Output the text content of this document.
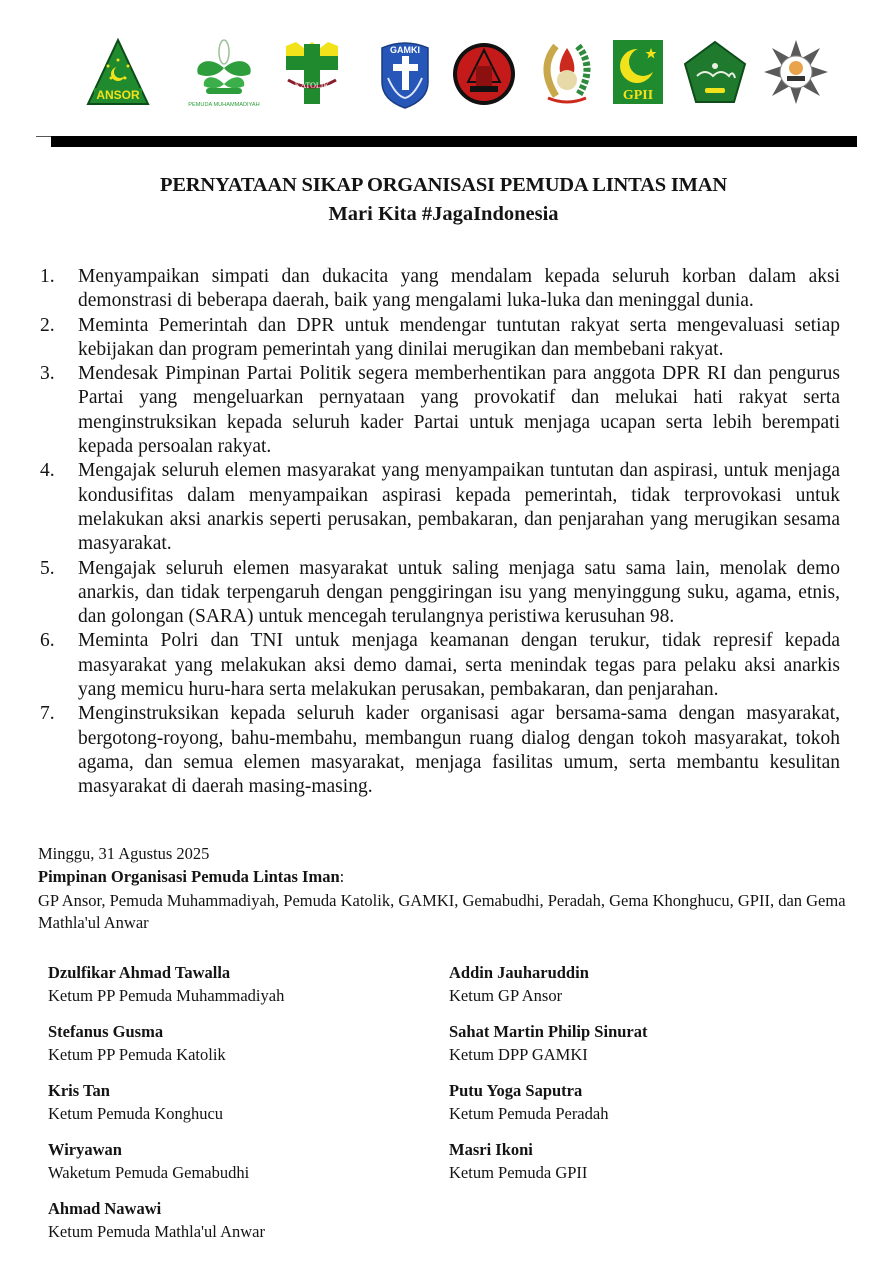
ANSOR
PEMUDA MUHAMMADIYAH
KATOLIK
GAMKI
GPII
PERNYATAAN SIKAP ORGANISASI PEMUDA LINTAS IMAN
Mari Kita #JagaIndonesia
1. Menyampaikan simpati dan dukacita yang mendalam kepada seluruh korban dalam aksi demonstrasi di beberapa daerah, baik yang mengalami luka-luka dan meninggal dunia.
2. Meminta Pemerintah dan DPR untuk mendengar tuntutan rakyat serta mengevaluasi setiap kebijakan dan program pemerintah yang dinilai merugikan dan membebani rakyat.
3. Mendesak Pimpinan Partai Politik segera memberhentikan para anggota DPR RI dan pengurus Partai yang mengeluarkan pernyataan yang provokatif dan melukai hati rakyat serta menginstruksikan kepada seluruh kader Partai untuk menjaga ucapan serta lebih berempati kepada persoalan rakyat.
4. Mengajak seluruh elemen masyarakat yang menyampaikan tuntutan dan aspirasi, untuk menjaga kondusifitas dalam menyampaikan aspirasi kepada pemerintah, tidak terprovokasi untuk melakukan aksi anarkis seperti perusakan, pembakaran, dan penjarahan yang merugikan sesama masyarakat.
5. Mengajak seluruh elemen masyarakat untuk saling menjaga satu sama lain, menolak demo anarkis, dan tidak terpengaruh dengan penggiringan isu yang menyinggung suku, agama, etnis, dan golongan (SARA) untuk mencegah terulangnya peristiwa kerusuhan 98.
6. Meminta Polri dan TNI untuk menjaga keamanan dengan terukur, tidak represif kepada masyarakat yang melakukan aksi demo damai, serta menindak tegas para pelaku aksi anarkis yang memicu huru-hara serta melakukan perusakan, pembakaran, dan penjarahan.
7. Menginstruksikan kepada seluruh kader organisasi agar bersama-sama dengan masyarakat, bergotong-royong, bahu-membahu, membangun ruang dialog dengan tokoh masyarakat, tokoh agama, dan semua elemen masyarakat, menjaga fasilitas umum, serta membantu kesulitan masyarakat di daerah masing-masing.
Minggu, 31 Agustus 2025
Pimpinan Organisasi Pemuda Lintas Iman:
GP Ansor, Pemuda Muhammadiyah, Pemuda Katolik, GAMKI, Gemabudhi, Peradah, Gema Khonghucu, GPII, dan Gema Mathla'ul Anwar
Dzulfikar Ahmad Tawalla
Ketum PP Pemuda Muhammadiyah
Stefanus Gusma
Ketum PP Pemuda Katolik
Kris Tan
Ketum Pemuda Konghucu
Wiryawan
Waketum Pemuda Gemabudhi
Ahmad Nawawi
Ketum Pemuda Mathla'ul Anwar
Addin Jauharuddin
Ketum GP Ansor
Sahat Martin Philip Sinurat
Ketum DPP GAMKI
Putu Yoga Saputra
Ketum Pemuda Peradah
Masri Ikoni
Ketum Pemuda GPII
